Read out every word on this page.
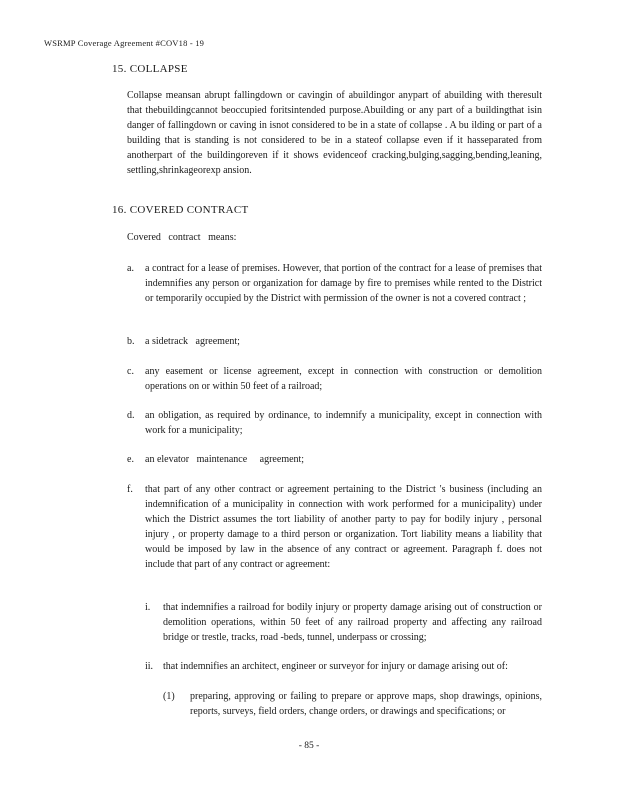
WSRMP Coverage Agreement #COV18 - 19
15. COLLAPSE
Collapse meansan abrupt fallingdown or cavingin of abuildingor anypart of abuilding with theresult that thebuildingcannot beoccupied foritsintended purpose.Abuilding or any part of a buildingthat isin danger of fallingdown or caving in isnot considered to be in a state of collapse . A bu ilding or part of a building that is standing is not considered to be in a stateof collapse even if it hasseparated from anotherpart of the buildingoreven if it shows evidenceof cracking,bulging,sagging,bending,leaning, settling,shrinkageorexp ansion.
16. COVERED CONTRACT
Covered   contract   means:
a. a contract for a lease of premises. However, that portion of the contract for a lease of premises that indemnifies any person or organization for damage by fire to premises while rented to the District or temporarily occupied by the District with permission of the owner is not a covered contract ;
b. a sidetrack   agreement;
c. any easement or license agreement, except in connection with construction or demolition operations on or within 50 feet of a railroad;
d. an obligation, as required by ordinance, to indemnify a municipality, except in connection with work for a municipality;
e. an elevator   maintenance     agreement;
f. that part of any other contract or agreement pertaining to the District 's business (including an indemnification of a municipality in connection with work performed for a municipality) under which the District assumes the tort liability of another party to pay for bodily injury , personal injury , or property damage to a third person or organization. Tort liability means a liability that would be imposed by law in the absence of any contract or agreement. Paragraph f. does not include that part of any contract or agreement:
i. that indemnifies a railroad for bodily injury or property damage arising out of construction or demolition operations, within 50 feet of any railroad property and affecting any railroad bridge or trestle, tracks, road -beds, tunnel, underpass or crossing;
ii. that indemnifies an architect, engineer or surveyor for injury or damage arising out of:
(1) preparing, approving or failing to prepare or approve maps, shop drawings, opinions, reports, surveys, field orders, change orders, or drawings and specifications; or
- 85 -
